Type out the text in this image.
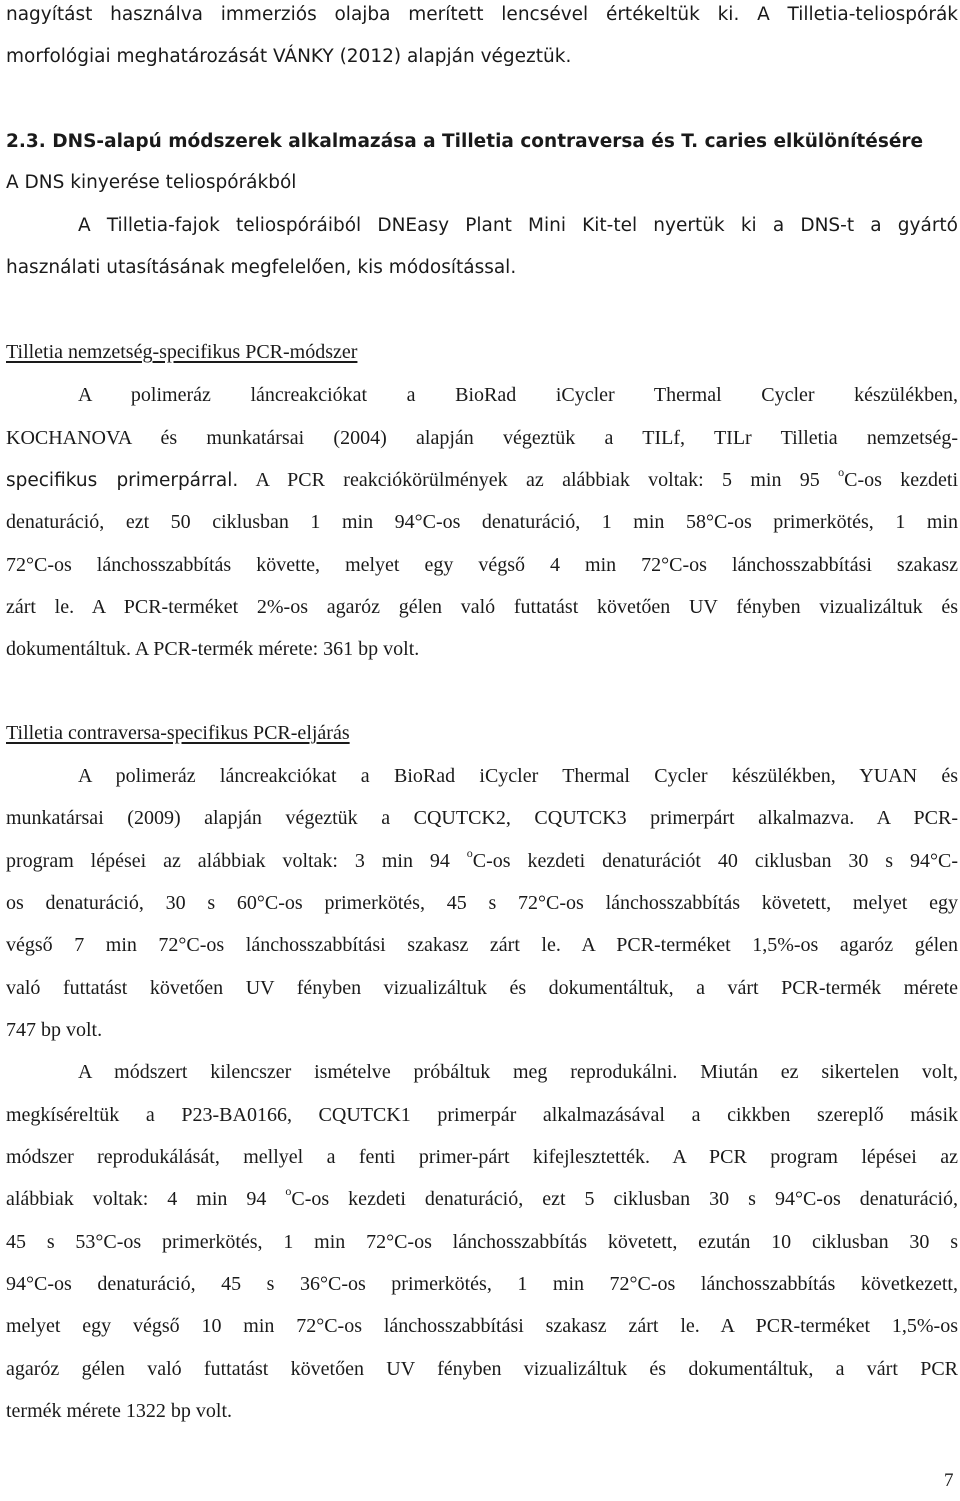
nagyítást használva immerziós olajba merített lencsével értékeltük ki. A Tilletia-teliospórák
morfológiai meghatározását VÁNKY (2012) alapján végeztük.
2.3. DNS-alapú módszerek alkalmazása a Tilletia contraversa és T. caries elkülönítésére
A DNS kinyerése teliospórákból
A Tilletia-fajok teliospóráiból DNEasy Plant Mini Kit-tel nyertük ki a DNS-t a gyártó
használati utasításának megfelelően, kis módosítással.
Tilletia nemzetség-specifikus PCR-módszer
A polimeráz láncreakciókat a BioRad iCycler Thermal Cycler készülékben,
KOCHANOVA és munkatársai (2004) alapján végeztük a TILf, TILr Tilletia nemzetség-
specifikus primerpárral. A PCR reakciókörülmények az alábbiak voltak: 5 min 95 $^o$C-os kezdeti
denaturáció, ezt 50 ciklusban 1 min 94°C-os denaturáció, 1 min 58°C-os primerkötés, 1 min
72°C-os lánchosszabbítás követte, melyet egy végső 4 min 72°C-os lánchosszabbítási szakasz
zárt le. A PCR-terméket 2%-os agaróz gélen való futtatást követően UV fényben vizualizáltuk és
dokumentáltuk. A PCR-termék mérete: 361 bp volt.
Tilletia contraversa-specifikus PCR-eljárás
A polimeráz láncreakciókat a BioRad iCycler Thermal Cycler készülékben, YUAN és
munkatársai (2009) alapján végeztük a CQUTCK2, CQUTCK3 primerpárt alkalmazva. A PCR-
program lépései az alábbiak voltak: 3 min 94 $^o$C-os kezdeti denaturációt 40 ciklusban 30 s 94°C-
os denaturáció, 30 s 60°C-os primerkötés, 45 s 72°C-os lánchosszabbítás követett, melyet egy
végső 7 min 72°C-os lánchosszabbítási szakasz zárt le. A PCR-terméket 1,5%-os agaróz gélen
való futtatást követően UV fényben vizualizáltuk és dokumentáltuk, a várt PCR-termék mérete
747 bp volt.
A módszert kilencszer ismételve próbáltuk meg reprodukálni. Miután ez sikertelen volt,
megkíséreltük a P23-BA0166, CQUTCK1 primerpár alkalmazásával a cikkben szereplő másik
módszer reprodukálását, mellyel a fenti primer-párt kifejlesztették. A PCR program lépései az
alábbiak voltak: 4 min 94 $^o$C-os kezdeti denaturáció, ezt 5 ciklusban 30 s 94°C-os denaturáció,
45 s 53°C-os primerkötés, 1 min 72°C-os lánchosszabbítás követett, ezután 10 ciklusban 30 s
94°C-os denaturáció, 45 s 36°C-os primerkötés, 1 min 72°C-os lánchosszabbítás következett,
melyet egy végső 10 min 72°C-os lánchosszabbítási szakasz zárt le. A PCR-terméket 1,5%-os
agaróz gélen való futtatást követően UV fényben vizualizáltuk és dokumentáltuk, a várt PCR
termék mérete 1322 bp volt.
7
